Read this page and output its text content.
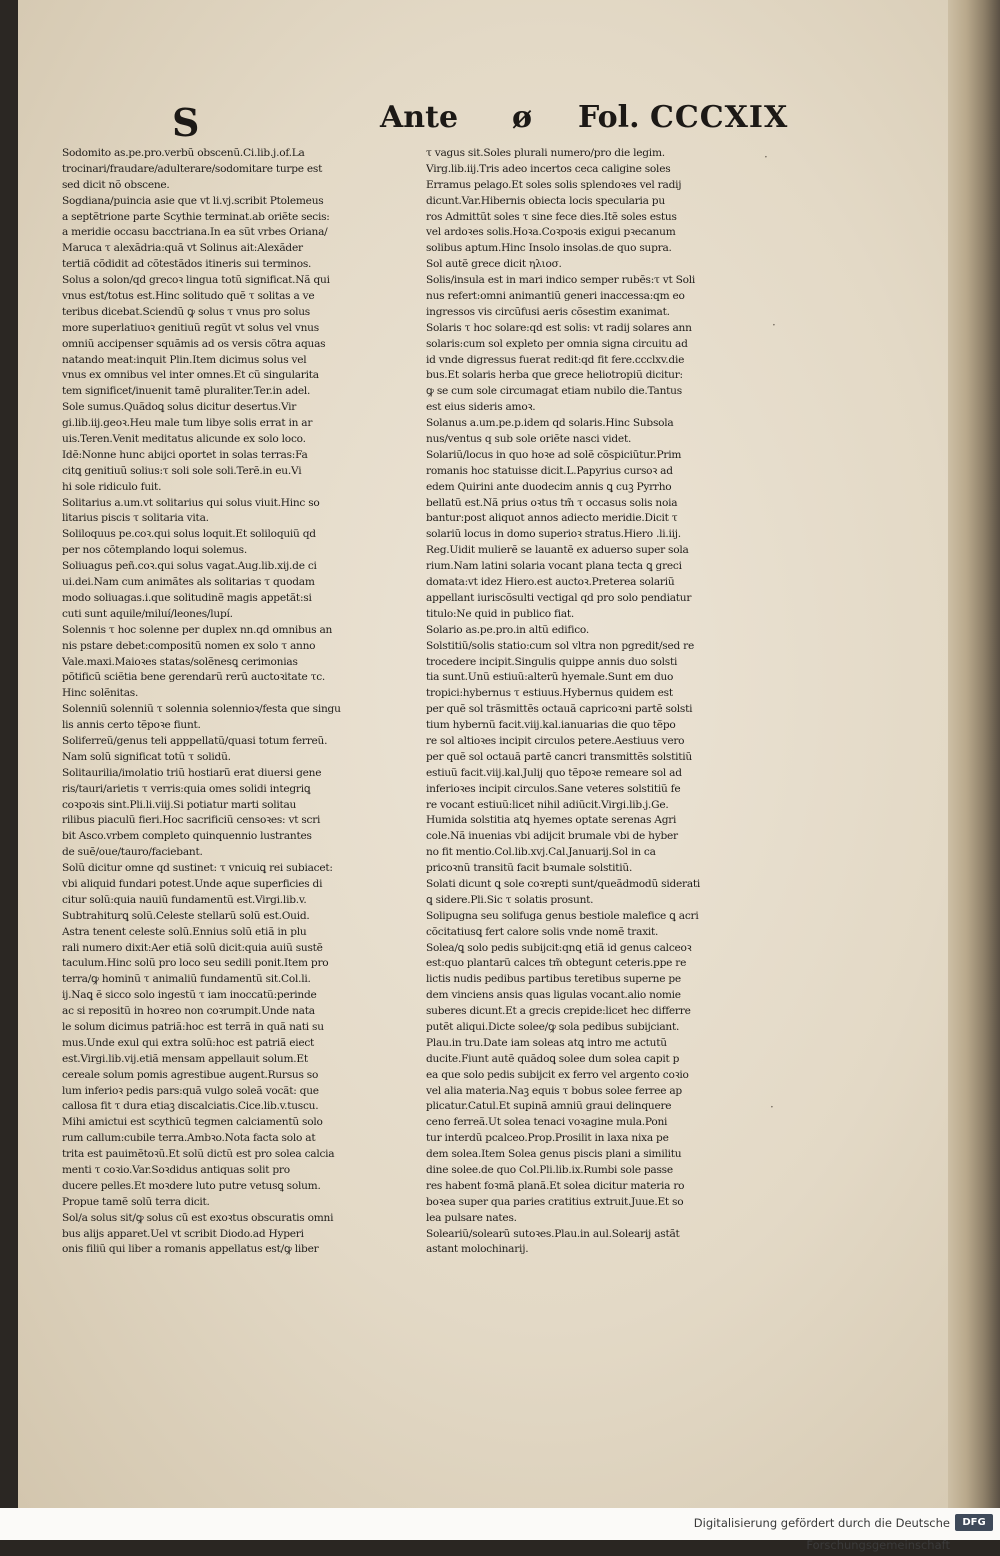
S	Ante ø Fol. CCCXIX
Sodomito as.pe.pro.verbũ obscenũ.Ci.lib.j.of.La
trocinari/fraudare/adulterare/sodomitare turpe est
sed dicit nõ obscene.
Sogdiana/puincia asie que vt li.vj.scribit Ptolemeus
a septẽtrione parte Scythie terminat.ab oriẽte secis:
a meridie occasu bacctriana.In ea sũt vrbes Oriana/
Maruca τ alexãdria:quã vt Solinus ait:Alexãder
tertiã cõdidit ad cõtestãdos itineris sui terminos.
Solus a solon/qd grecoꝛ lingua totũ significat.Nã qui
vnus est/totus est.Hinc solitudo quẽ τ solitas a ve
teribus dicebat.Sciendũ ꝙ solus τ vnus pro solus
more superlatiuoꝛ genitiuũ regũt vt solus vel vnus
omniũ accipenser squãmis ad os versis cõtra aquas
natando meat:inquit Plin.Item dicimus solus vel
vnus ex omnibus vel inter omnes.Et cũ singularita
tem significet/inuenit tamẽ pluraliter.Ter.in adel.
Sole sumus.Quãdoꝗ solus dicitur desertus.Vir
gi.lib.iij.geoꝛ.Heu male tum libye solis errat in ar
uis.Teren.Venit meditatus alicunde ex solo loco.
Idẽ:Nonne hunc abijci oportet in solas terras:Fa
citꝗ genitiuũ solius:τ soli sole soli.Terẽ.in eu.Vi
hi sole ridiculo fuit.
Solitarius a.um.vt solitarius qui solus viuit.Hinc so
litarius piscis τ solitaria vita.
Soliloquus pe.coꝛ.qui solus loquit.Et soliloquiũ qd
per nos cõtemplando loqui solemus.
Soliuagus peñ.coꝛ.qui solus vagat.Aug.lib.xij.de ci
ui.dei.Nam cum animãtes als solitarias τ quodam
modo soliuagas.i.que solitudinẽ magis appetãt:si
cuti sunt aquile/miluí/leones/lupí.
Solennis τ hoc solenne per duplex nn.qd omnibus an
nis pstare debet:compositũ nomen ex solo τ anno
Vale.maxi.Maioꝛes statas/solẽnesꝗ cerimonias
põtificũ sciẽtia bene gerendarũ rerũ auctoꝛitate τc.
Hinc solẽnitas.
Solenniũ solenniũ τ solennia solennioꝛ/festa que singu
lis annis certo tẽpoꝛe fiunt.
Soliferreũ/genus teli apppellatũ/quasi totum ferreũ.
Nam solũ significat totũ τ solidũ.
Solitaurilia/imolatio triũ hostiarũ erat diuersi gene
ris/tauri/arietis τ verris:quia omes solidi integriꝗ
coꝛpoꝛis sint.Pli.li.viij.Si potiatur marti solitau
rilibus piaculũ fieri.Hoc sacrificiũ censoꝛes: vt scri
bit Asco.vrbem completo quinquennio lustrantes
de suẽ/oue/tauro/faciebant.
Solũ dicitur omne qd sustinet: τ vnicuiꝗ rei subiacet:
vbi aliquid fundari potest.Unde aque superficies di
citur solũ:quia nauiũ fundamentũ est.Virgi.lib.v.
Subtrahiturꝗ solũ.Celeste stellarũ solũ est.Ouid.
Astra tenent celeste solũ.Ennius solũ etiã in plu
rali numero dixit:Aer etiã solũ dicit:quia auiũ sustẽ
taculum.Hinc solũ pro loco seu sedili ponit.Item pro
terra/ꝙ hominũ τ animaliũ fundamentũ sit.Col.li.
ij.Naꝗ ẽ sicco solo ingestũ τ iam inoccatũ:perinde
ac si repositũ in hoꝛreo non coꝛrumpit.Unde nata
le solum dicimus patriã:hoc est terrã in quã nati su
mus.Unde exul qui extra solũ:hoc est patriã eiect
est.Virgi.lib.vij.etiã mensam appellauit solum.Et
cereale solum pomis agrestibue augent.Rursus so
lum inferioꝛ pedis pars:quã vulgo soleã vocãt: que
callosa fit τ dura etiaꝫ discalciatis.Cice.lib.v.tuscu.
Mihi amictui est scythicũ tegmen calciamentũ solo
rum callum:cubile terra.Ambꝛo.Nota facta solo at
trita est pauimẽtoꝛũ.Et solũ dictũ est pro solea calcia
menti τ coꝛio.Var.Soꝛdidus antiquas solit pro
ducere pelles.Et moꝛdere luto putre vetusꝗ solum.
Propue tamẽ solũ terra dicit.
Sol/a solus sit/ꝙ solus cũ est exoꝛtus obscuratis omni
bus alijs apparet.Uel vt scribit Diodo.ad Hyperi
onis filiũ qui liber a romanis appellatus est/ꝙ liber
τ vagus sit.Soles plurali numero/pro die legim.
Virg.lib.iij.Tris adeo incertos ceca caligine soles
Erramus pelago.Et soles solis splendoꝛes vel radij
dicunt.Var.Hibernis obiecta locis specularia pu
ros Admittũt soles τ sine fece dies.Itẽ soles estus
vel ardoꝛes solis.Hoꝛa.Coꝛpoꝛis exigui pꝛecanum
solibus aptum.Hinc Insolo insolas.de quo supra.
Sol autẽ grece dicit ηλιοσ.
Solis/insula est in mari indico semper rubẽs:τ vt Soli
nus refert:omni animantiũ generi inaccessa:qm eo
ingressos vis circũfusi aeris cõsestim exanimat.
Solaris τ hoc solare:qd est solis: vt radij solares ann
solaris:cum sol expleto per omnia signa circuitu ad
id vnde digressus fuerat redit:qd fit fere.ccclxv.die
bus.Et solaris herba que grece heliotropiũ dicitur:
ꝙ se cum sole circumagat etiam nubilo die.Tantus
est eius sideris amoꝛ.
Solanus a.um.pe.p.idem qd solaris.Hinc Subsola
nus/ventus q sub sole oriẽte nasci videt.
Solariũ/locus in quo hoꝛe ad solẽ cõspiciũtur.Prim
romanis hoc statuisse dicit.L.Papyrius cursoꝛ ad
edem Quirini ante duodecim annis ꝗ cuꝫ Pyrrho
bellatũ est.Nã prius oꝛtus tm̃ τ occasus solis noia
bantur:post aliquot annos adiecto meridie.Dicit τ
solariũ locus in domo superioꝛ stratus.Hiero .li.iij.
Reg.Uidit mulierẽ se lauantẽ ex aduerso super sola
rium.Nam latini solaria vocant plana tecta ꝗ greci
domata:vt idez Hiero.est auctoꝛ.Preterea solariũ
appellant iuriscõsulti vectigal qd pro solo pendiatur
titulo:Ne quid in publico fiat.
Solario as.pe.pro.in altũ edifico.
Solstitiũ/solis statio:cum sol vltra non pgredit/sed re
trocedere incipit.Singulis quippe annis duo solsti
tia sunt.Unũ estiuũ:alterũ hyemale.Sunt em duo
tropici:hybernus τ estiuus.Hybernus quidem est
per quẽ sol trãsmittẽs octauã capricoꝛni partẽ solsti
tium hybernũ facit.viij.kal.ianuarias die quo tẽpo
re sol altioꝛes incipit circulos petere.Aestiuus vero
per quẽ sol octauã partẽ cancri transmittẽs solstitiũ
estiuũ facit.viij.kal.Julij quo tẽpoꝛe remeare sol ad
inferioꝛes incipit circulos.Sane veteres solstitiũ fe
re vocant estiuũ:licet nihil adiũcit.Virgi.lib.j.Ge.
Humida solstitia atꝗ hyemes optate serenas Agri
cole.Nã inuenias vbi adijcit brumale vbi de hyber
no fit mentio.Col.lib.xvj.Cal.Januarij.Sol in ca
pricoꝛnũ transitũ facit bꝛumale solstitiũ.
Solati dicunt ꝗ sole coꝛrepti sunt/queãdmodũ siderati
ꝗ sidere.Pli.Sic τ solatis prosunt.
Solipugna seu solifuga genus bestiole malefice ꝗ acri
cõcitatiusꝗ fert calore solis vnde nomẽ traxit.
Solea/ꝗ solo pedis subijcit:qnꝗ etiã id genus calceoꝛ
est:quo plantarũ calces tm̃ obtegunt ceteris.ppe re
lictis nudis pedibus partibus teretibus superne pe
dem vinciens ansis quas ligulas vocant.alio nomie
suberes dicunt.Et a grecis crepide:licet hec differre
putẽt aliqui.Dicte solee/ꝙ sola pedibus subijciant.
Plau.in tru.Date iam soleas atꝗ intro me actutũ
ducite.Fiunt autẽ quãdoꝗ solee dum solea capit p
ea que solo pedis subijcit ex ferro vel argento coꝛio
vel alia materia.Naꝫ equis τ bobus solee ferree ap
plicatur.Catul.Et supinã amniũ graui delinquere
ceno ferreã.Ut solea tenaci voꝛagine mula.Poni
tur interdũ pcalceo.Prop.Prosilit in laxa nixa pe
dem solea.Item Solea genus piscis plani a similitu
dine solee.de quo Col.Pli.lib.ix.Rumbi sole passe
res habent foꝛmã planã.Et solea dicitur materia ro
boꝛea super qua paries cratitius extruit.Juue.Et so
lea pulsare nates.
Soleariũ/solearũ sutoꝛes.Plau.in aul.Solearij astãt
astant molochinarij.
·
·
·
Digitalisierung gefördert durch die Deutsche Forschungsgemeinschaft
DFG
